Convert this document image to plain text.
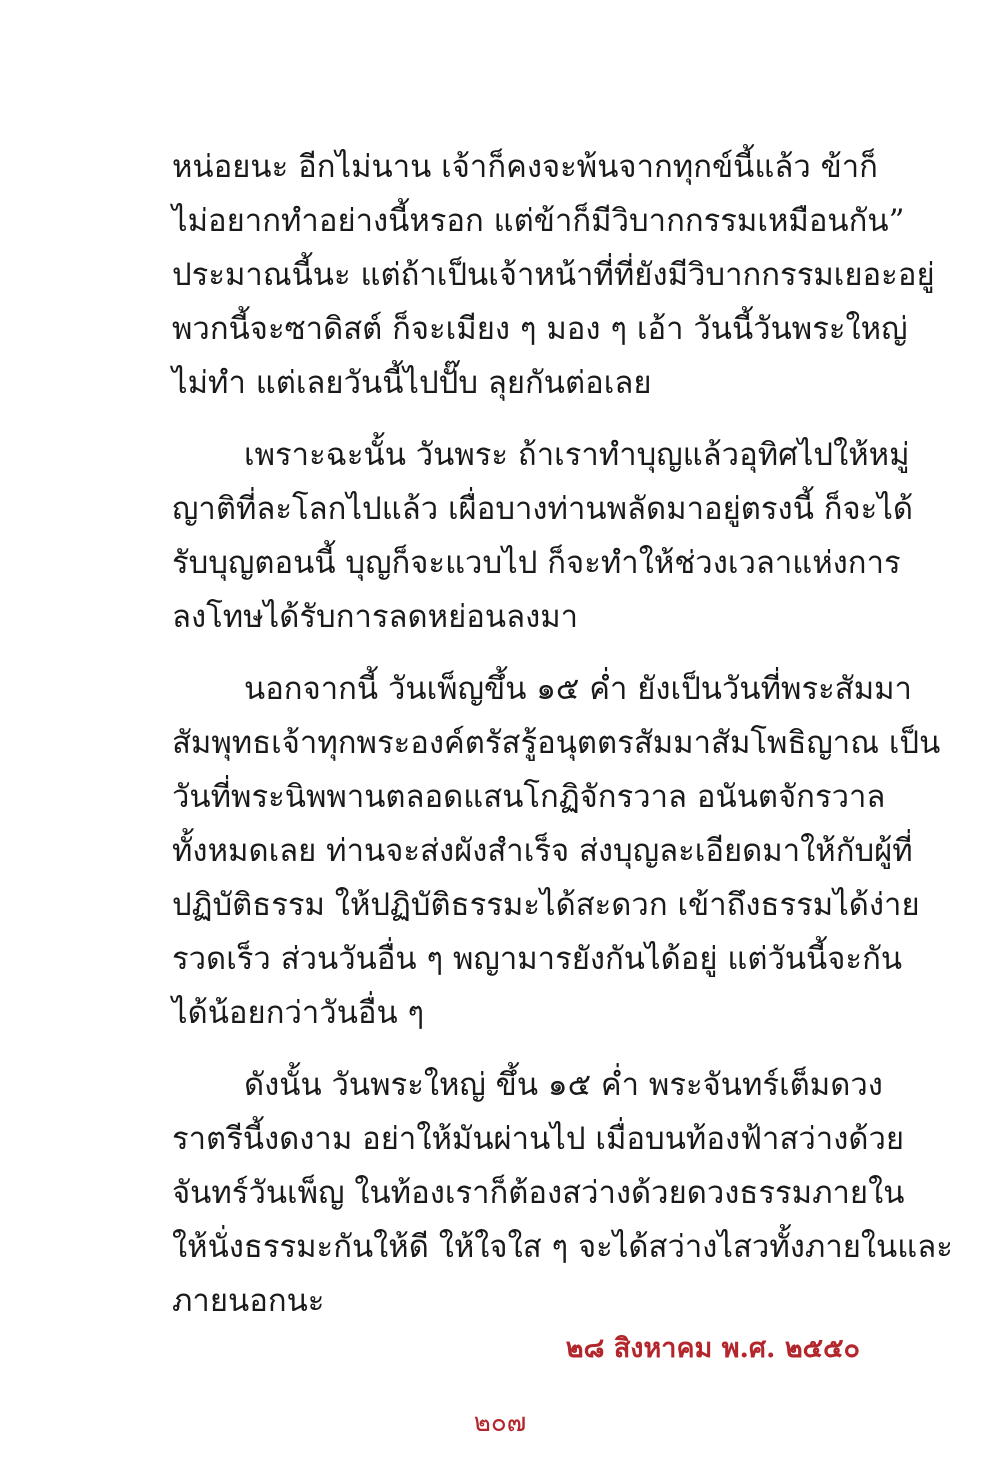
หน่อยนะ อีกไม่นาน เจ้าก็คงจะพ้นจากทุกข์นี้แล้ว ข้าก็
ไม่อยากทำอย่างนี้หรอก แต่ข้าก็มีวิบากกรรมเหมือนกัน”
ประมาณนี้นะ แต่ถ้าเป็นเจ้าหน้าที่ที่ยังมีวิบากกรรมเยอะอยู่
พวกนี้จะซาดิสต์ ก็จะเมียง ๆ มอง ๆ เอ้า วันนี้วันพระใหญ่
ไม่ทำ แต่เลยวันนี้ไปปั๊บ ลุยกันต่อเลย
เพราะฉะนั้น วันพระ ถ้าเราทำบุญแล้วอุทิศไปให้หมู่
ญาติที่ละโลกไปแล้ว เผื่อบางท่านพลัดมาอยู่ตรงนี้ ก็จะได้
รับบุญตอนนี้ บุญก็จะแวบไป ก็จะทำให้ช่วงเวลาแห่งการ
ลงโทษได้รับการลดหย่อนลงมา
นอกจากนี้ วันเพ็ญขึ้น ๑๕ ค่ำ ยังเป็นวันที่พระสัมมา
สัมพุทธเจ้าทุกพระองค์ตรัสรู้อนุตตรสัมมาสัมโพธิญาณ เป็น
วันที่พระนิพพานตลอดแสนโกฏิจักรวาล อนันตจักรวาล
ทั้งหมดเลย ท่านจะส่งผังสำเร็จ ส่งบุญละเอียดมาให้กับผู้ที่
ปฏิบัติธรรม ให้ปฏิบัติธรรมะได้สะดวก เข้าถึงธรรมได้ง่าย
รวดเร็ว ส่วนวันอื่น ๆ พญามารยังกันได้อยู่ แต่วันนี้จะกัน
ได้น้อยกว่าวันอื่น ๆ
ดังนั้น วันพระใหญ่ ขึ้น ๑๕ ค่ำ พระจันทร์เต็มดวง
ราตรีนี้งดงาม อย่าให้มันผ่านไป เมื่อบนท้องฟ้าสว่างด้วย
จันทร์วันเพ็ญ ในท้องเราก็ต้องสว่างด้วยดวงธรรมภายใน
ให้นั่งธรรมะกันให้ดี ให้ใจใส ๆ จะได้สว่างไสวทั้งภายในและ
ภายนอกนะ
๒๘ สิงหาคม พ.ศ. ๒๕๕๐
๒๐๗
